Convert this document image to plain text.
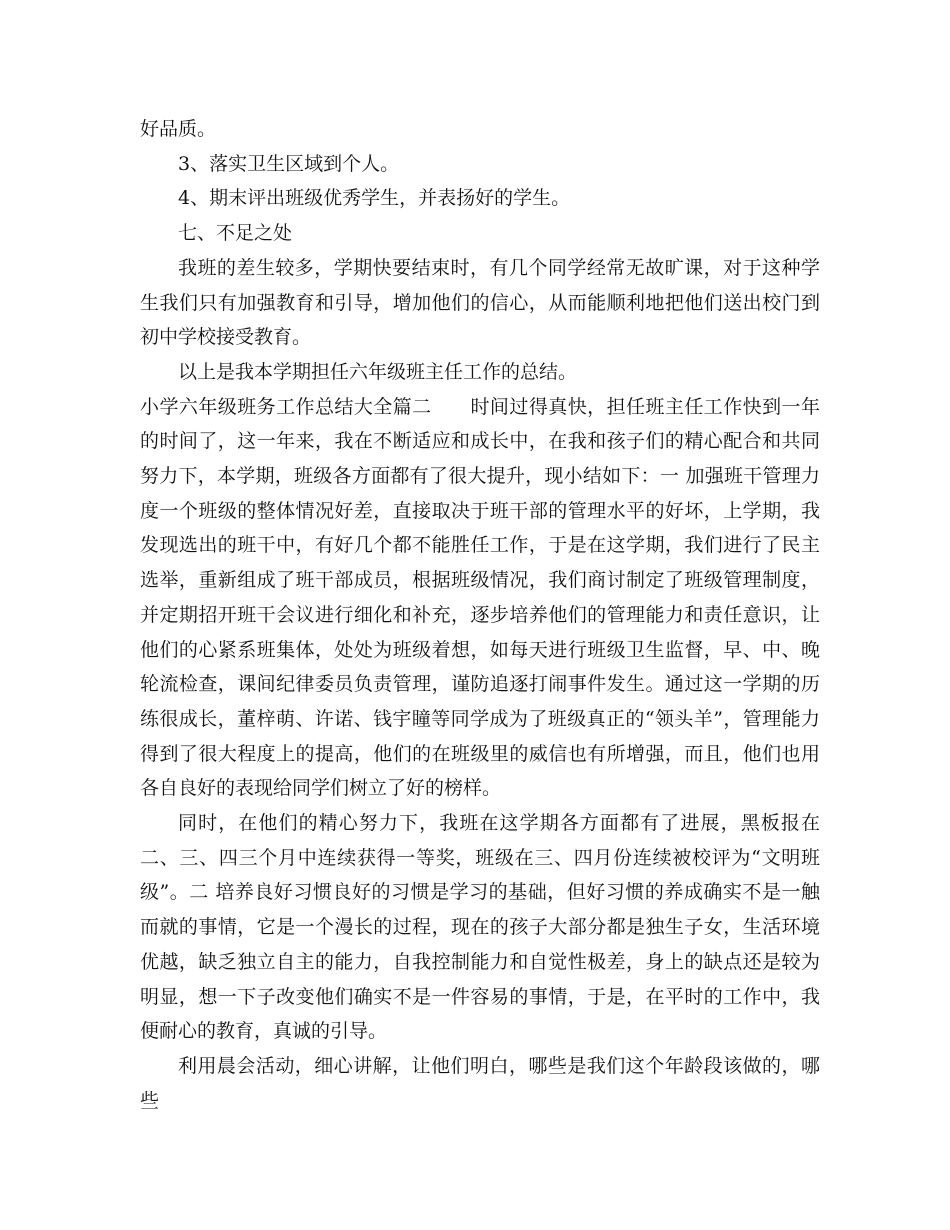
好品质。

3、落实卫生区域到个人。

4、期末评出班级优秀学生，并表扬好的学生。

七、不足之处

我班的差生较多，学期快要结束时，有几个同学经常无故旷课，对于这种学生我们只有加强教育和引导，增加他们的信心，从而能顺利地把他们送出校门到初中学校接受教育。

以上是我本学期担任六年级班主任工作的总结。

小学六年级班务工作总结大全篇二　　时间过得真快，担任班主任工作快到一年的时间了，这一年来，我在不断适应和成长中，在我和孩子们的精心配合和共同努力下，本学期，班级各方面都有了很大提升，现小结如下：一 加强班干管理力度一个班级的整体情况好差，直接取决于班干部的管理水平的好坏，上学期，我发现选出的班干中，有好几个都不能胜任工作，于是在这学期，我们进行了民主选举，重新组成了班干部成员，根据班级情况，我们商讨制定了班级管理制度，并定期招开班干会议进行细化和补充，逐步培养他们的管理能力和责任意识，让他们的心紧系班集体，处处为班级着想，如每天进行班级卫生监督，早、中、晚轮流检查，课间纪律委员负责管理，谨防追逐打闹事件发生。通过这一学期的历练很成长，董梓萌、许诺、钱宇瞳等同学成为了班级真正的“领头羊”，管理能力得到了很大程度上的提高，他们的在班级里的威信也有所增强，而且，他们也用各自良好的表现给同学们树立了好的榜样。

同时，在他们的精心努力下，我班在这学期各方面都有了进展，黑板报在二、三、四三个月中连续获得一等奖，班级在三、四月份连续被校评为“文明班级”。二 培养良好习惯良好的习惯是学习的基础，但好习惯的养成确实不是一触而就的事情，它是一个漫长的过程，现在的孩子大部分都是独生子女，生活环境优越，缺乏独立自主的能力，自我控制能力和自觉性极差，身上的缺点还是较为明显，想一下子改变他们确实不是一件容易的事情，于是，在平时的工作中，我便耐心的教育，真诚的引导。

利用晨会活动，细心讲解，让他们明白，哪些是我们这个年龄段该做的，哪些
